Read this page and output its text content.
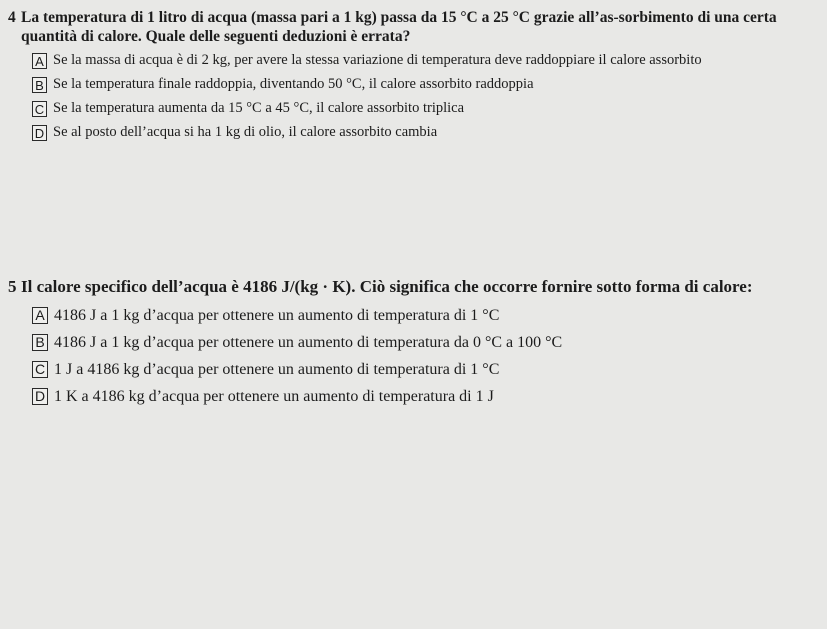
4 La temperatura di 1 litro di acqua (massa pari a 1 kg) passa da 15 °C a 25 °C grazie all’as-sorbimento di una certa quantità di calore. Quale delle seguenti deduzioni è errata?
A Se la massa di acqua è di 2 kg, per avere la stessa variazione di temperatura deve raddoppiare il calore assorbito
B Se la temperatura finale raddoppia, diventando 50 °C, il calore assorbito raddoppia
C Se la temperatura aumenta da 15 °C a 45 °C, il calore assorbito triplica
D Se al posto dell’acqua si ha 1 kg di olio, il calore assorbito cambia
5 Il calore specifico dell’acqua è 4186 J/(kg · K). Ciò significa che occorre fornire sotto forma di calore:
A 4186 J a 1 kg d’acqua per ottenere un aumento di temperatura di 1 °C
B 4186 J a 1 kg d’acqua per ottenere un aumento di temperatura da 0 °C a 100 °C
C 1 J a 4186 kg d’acqua per ottenere un aumento di temperatura di 1 °C
D 1 K a 4186 kg d’acqua per ottenere un aumento di temperatura di 1 J
